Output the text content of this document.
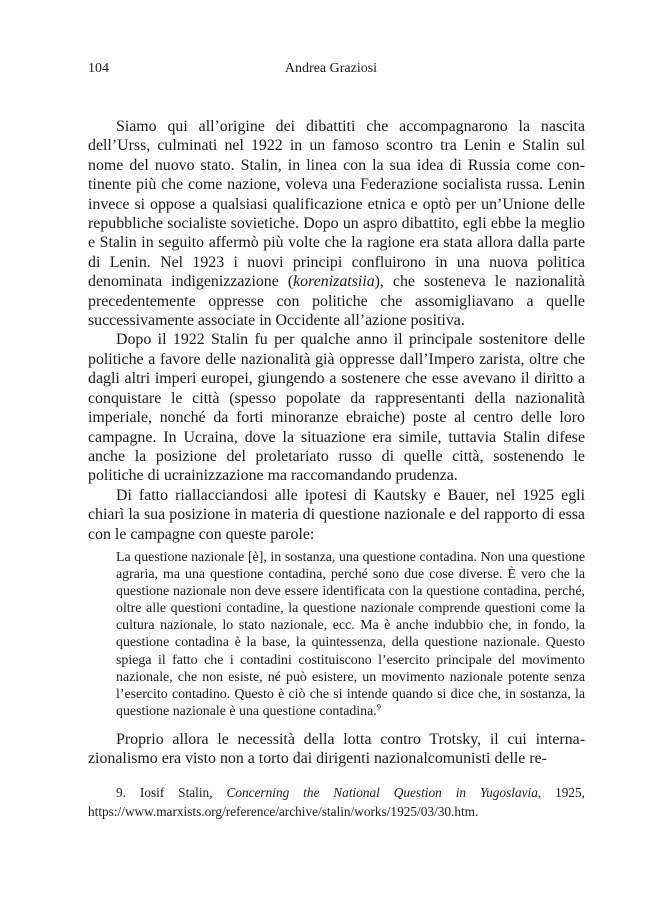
104	Andrea Graziosi

Siamo qui all’origine dei dibattiti che accompagnarono la nascita dell’Urss, culminati nel 1922 in un famoso scontro tra Lenin e Stalin sul nome del nuovo stato. Stalin, in linea con la sua idea di Russia come continente più che come nazione, voleva una Federazione socialista russa. Lenin invece si oppose a qualsiasi qualificazione etnica e optò per un’Unione delle repubbliche socialiste sovietiche. Dopo un aspro dibattito, egli ebbe la meglio e Stalin in seguito affermò più volte che la ragione era stata allora dalla parte di Lenin. Nel 1923 i nuovi principi confluirono in una nuova politica denominata indigenizzazione (korenizatsiia), che sosteneva le nazionalità precedentemente oppresse con politiche che assomigliavano a quelle successivamente associate in Occidente all’azione positiva.

Dopo il 1922 Stalin fu per qualche anno il principale sostenitore delle politiche a favore delle nazionalità già oppresse dall’Impero zarista, oltre che dagli altri imperi europei, giungendo a sostenere che esse avevano il diritto a conquistare le città (spesso popolate da rappresentanti della nazionalità imperiale, nonché da forti minoranze ebraiche) poste al centro delle loro campagne. In Ucraina, dove la situazione era simile, tuttavia Stalin difese anche la posizione del proletariato russo di quelle città, sostenendo le politiche di ucrainizzazione ma raccomandando prudenza.

Di fatto riallacciandosi alle ipotesi di Kautsky e Bauer, nel 1925 egli chiarì la sua posizione in materia di questione nazionale e del rapporto di essa con le campagne con queste parole:

La questione nazionale [è], in sostanza, una questione contadina. Non una questione agraria, ma una questione contadina, perché sono due cose diverse. È vero che la questione nazionale non deve essere identificata con la questione contadina, perché, oltre alle questioni contadine, la questione nazionale comprende questioni come la cultura nazionale, lo stato nazionale, ecc. Ma è anche indubbio che, in fondo, la questione contadina è la base, la quintessenza, della questione nazionale. Questo spiega il fatto che i contadini costituiscono l’esercito principale del movimento nazionale, che non esiste, né può esistere, un movimento nazionale potente senza l’esercito contadino. Questo è ciò che si intende quando si dice che, in sostanza, la questione nazionale è una questione contadina.$^9$

Proprio allora le necessità della lotta contro Trotsky, il cui internazionalismo era visto non a torto dai dirigenti nazionalcomunisti delle re-

9. Iosif Stalin, Concerning the National Question in Yugoslavia, 1925, https://www.marxists.org/reference/archive/stalin/works/1925/03/30.htm.
